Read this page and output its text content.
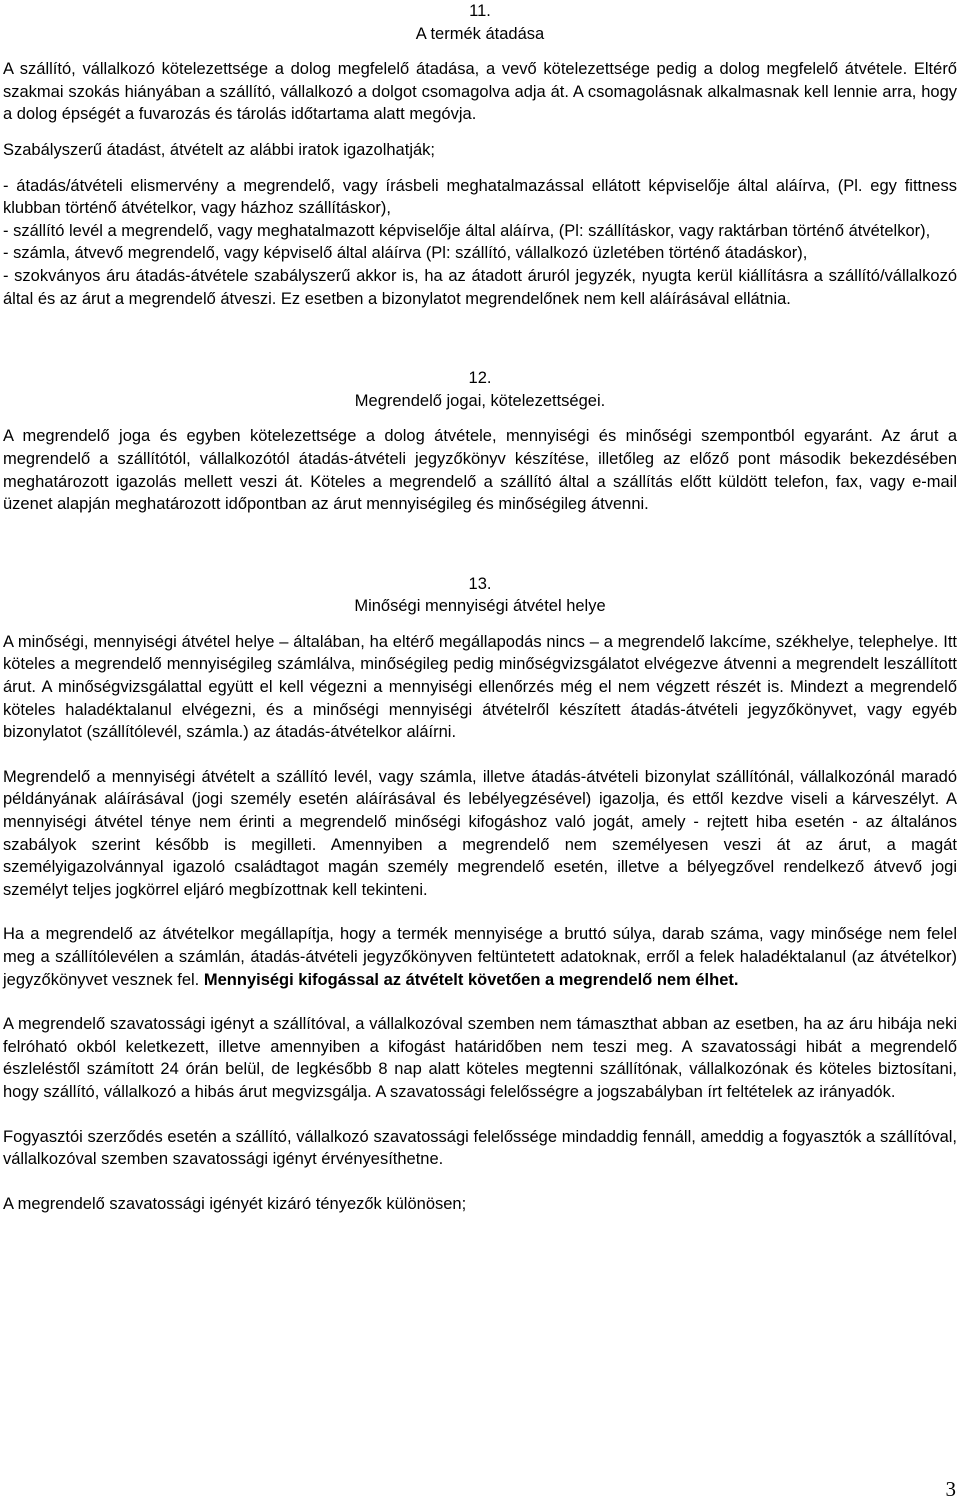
11.
A termék átadása

A szállító, vállalkozó kötelezettsége a dolog megfelelő átadása, a vevő kötelezettsége pedig a dolog megfelelő átvétele. Eltérő szakmai szokás hiányában a szállító, vállalkozó a dolgot csomagolva adja át. A csomagolásnak alkalmasnak kell lennie arra, hogy a dolog épségét a fuvarozás és tárolás időtartama alatt megóvja.

Szabályszerű átadást, átvételt az alábbi iratok igazolhatják;

- átadás/átvételi elismervény a megrendelő, vagy írásbeli meghatalmazással ellátott képviselője által aláírva, (Pl. egy fittness klubban történő átvételkor, vagy házhoz szállításkor),

- szállító levél a megrendelő, vagy meghatalmazott képviselője által aláírva, (Pl: szállításkor, vagy raktárban történő átvételkor),

- számla, átvevő megrendelő, vagy képviselő által aláírva (Pl: szállító, vállalkozó üzletében történő átadáskor),

- szokványos áru átadás-átvétele szabályszerű akkor is, ha az átadott áruról jegyzék, nyugta kerül kiállításra a szállító/vállalkozó által és az árut a megrendelő átveszi. Ez esetben a bizonylatot megrendelőnek nem kell aláírásával ellátnia.

12.
Megrendelő jogai, kötelezettségei.

A megrendelő joga és egyben kötelezettsége a dolog átvétele, mennyiségi és minőségi szempontból egyaránt. Az árut a megrendelő a szállítótól, vállalkozótól átadás-átvételi jegyzőkönyv készítése, illetőleg az előző pont második bekezdésében meghatározott igazolás mellett veszi át. Köteles a megrendelő a szállító által a szállítás előtt küldött telefon, fax, vagy e-mail üzenet alapján meghatározott időpontban az árut mennyiségileg és minőségileg átvenni.

13.
Minőségi mennyiségi átvétel helye

A minőségi, mennyiségi átvétel helye – általában, ha eltérő megállapodás nincs – a megrendelő lakcíme, székhelye, telephelye. Itt köteles a megrendelő mennyiségileg számlálva, minőségileg pedig minőségvizsgálatot elvégezve átvenni a megrendelt leszállított árut. A minőségvizsgálattal együtt el kell végezni a mennyiségi ellenőrzés még el nem végzett részét is. Mindezt a megrendelő köteles haladéktalanul elvégezni, és a minőségi mennyiségi átvételről készített átadás-átvételi jegyzőkönyvet, vagy egyéb bizonylatot (szállítólevél, számla.) az átadás-átvételkor aláírni.

Megrendelő a mennyiségi átvételt a szállító levél, vagy számla, illetve átadás-átvételi bizonylat szállítónál, vállalkozónál maradó példányának aláírásával (jogi személy esetén aláírásával és lebélyegzésével) igazolja, és ettől kezdve viseli a kárveszélyt. A mennyiségi átvétel ténye nem érinti a megrendelő minőségi kifogáshoz való jogát, amely - rejtett hiba esetén - az általános szabályok szerint később is megilleti. Amennyiben a megrendelő nem személyesen veszi át az árut, a magát személyigazolvánnyal igazoló családtagot magán személy megrendelő esetén, illetve a bélyegzővel rendelkező átvevő jogi személyt teljes jogkörrel eljáró megbízottnak kell tekinteni.

Ha a megrendelő az átvételkor megállapítja, hogy a termék mennyisége a bruttó súlya, darab száma, vagy minősége nem felel meg a szállítólevélen a számlán, átadás-átvételi jegyzőkönyven feltüntetett adatoknak, erről a felek haladéktalanul (az átvételkor) jegyzőkönyvet vesznek fel. Mennyiségi kifogással az átvételt követően a megrendelő nem élhet.

A megrendelő szavatossági igényt a szállítóval, a vállalkozóval szemben nem támaszthat abban az esetben, ha az áru hibája neki felróható okból keletkezett, illetve amennyiben a kifogást határidőben nem teszi meg. A szavatossági hibát a megrendelő észleléstől számított 24 órán belül, de legkésőbb 8 nap alatt köteles megtenni szállítónak, vállalkozónak és köteles biztosítani, hogy szállító, vállalkozó a hibás árut megvizsgálja. A szavatossági felelősségre a jogszabályban írt feltételek az irányadók.

Fogyasztói szerződés esetén a szállító, vállalkozó szavatossági felelőssége mindaddig fennáll, ameddig a fogyasztók a szállítóval, vállalkozóval szemben szavatossági igényt érvényesíthetne.

A megrendelő szavatossági igényét kizáró tényezők különösen;

3
